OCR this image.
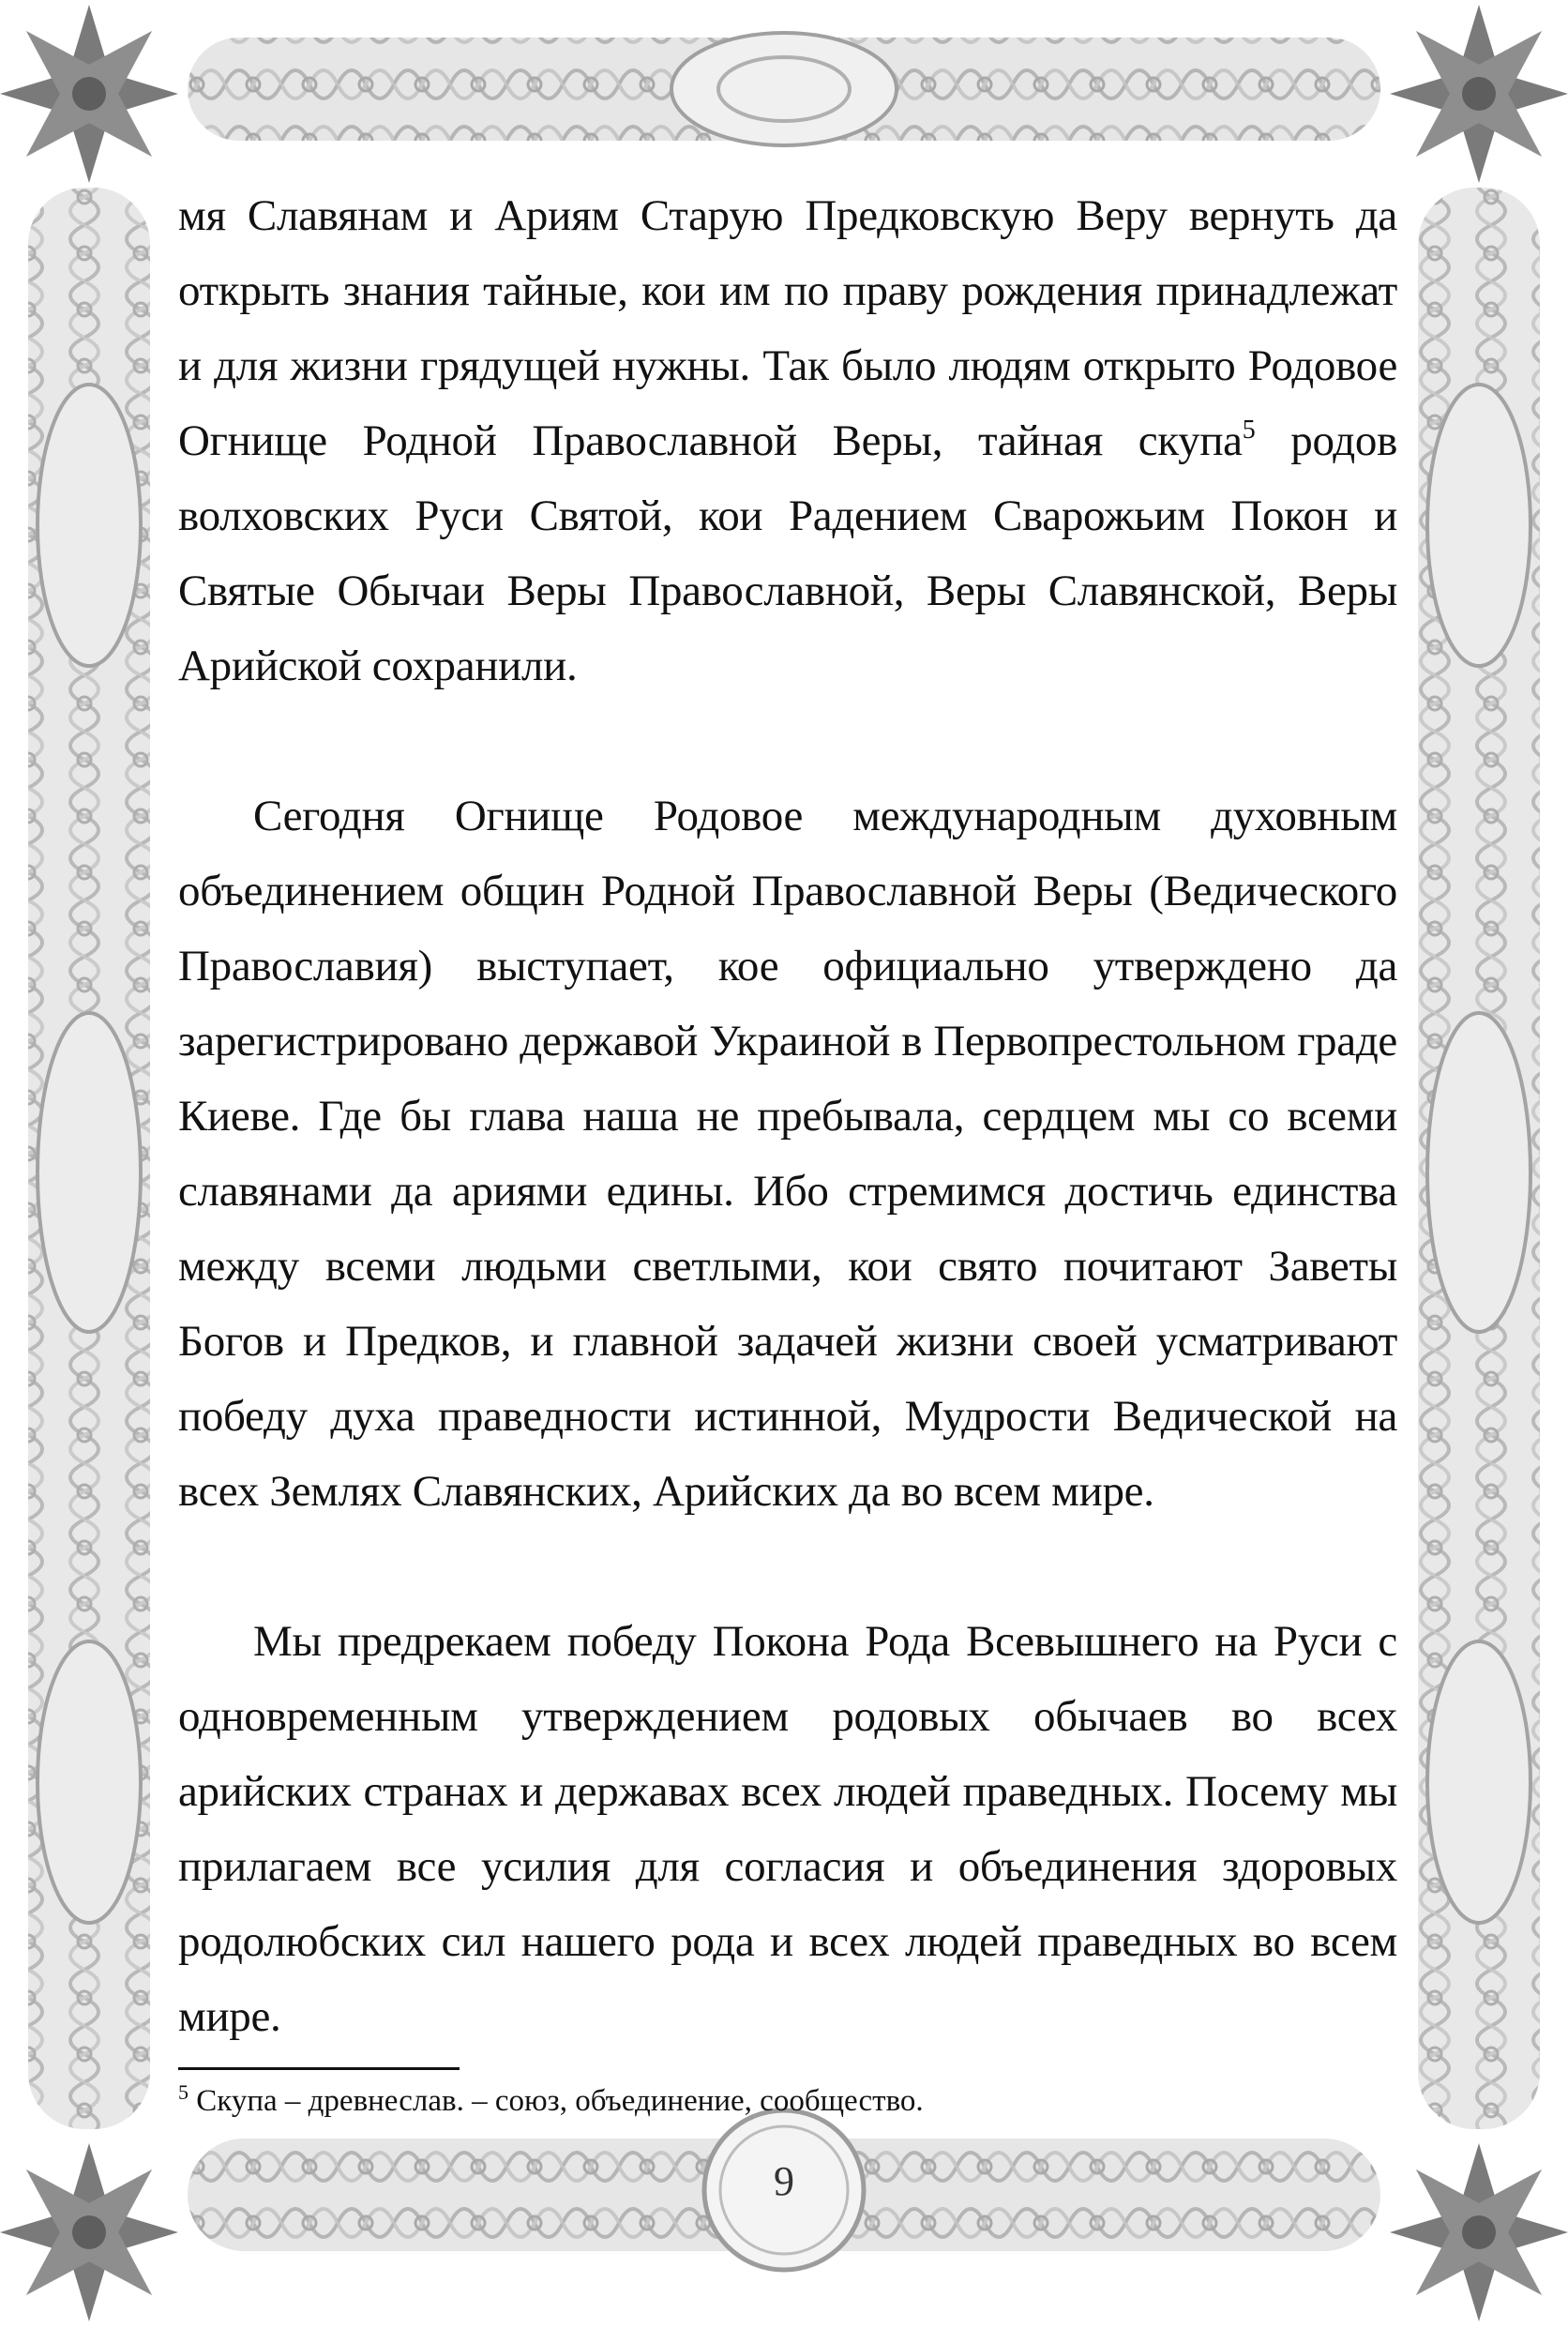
мя Славянам и Ариям Старую Предковскую Веру вернуть да открыть знания тайные, кои им по праву рождения принадлежат и для жизни грядущей нужны. Так было людям открыто Родовое Огнище Родной Православной Веры, тайная скупа$^5$ родов волховских Руси Святой, кои Радением Сварожьим Покон и Святые Обычаи Веры Православной, Веры Славянской, Веры Арийской сохранили.

Сегодня Огнище Родовое международным духовным объединением общин Родной Православной Веры (Ведического Православия) выступает, кое официально утверждено да зарегистрировано державой Украиной в Первопрестольном граде Киеве. Где бы глава наша не пребывала, сердцем мы со всеми славянами да ариями едины. Ибо стремимся достичь единства между всеми людьми светлыми, кои свято почитают Заветы Богов и Предков, и главной задачей жизни своей усматривают победу духа праведности истинной, Мудрости Ведической на всех Землях Славянских, Арийских да во всем мире.

Мы предрекаем победу Покона Рода Всевышнего на Руси с одновременным утверждением родовых обычаев во всех арийских странах и державах всех людей праведных. Посему мы прилагаем все усилия для согласия и объединения здоровых родолюбских сил нашего рода и всех людей праведных во всем мире.

$^5$ Скупа – древнеслав. – союз, объединение, сообщество.
9
